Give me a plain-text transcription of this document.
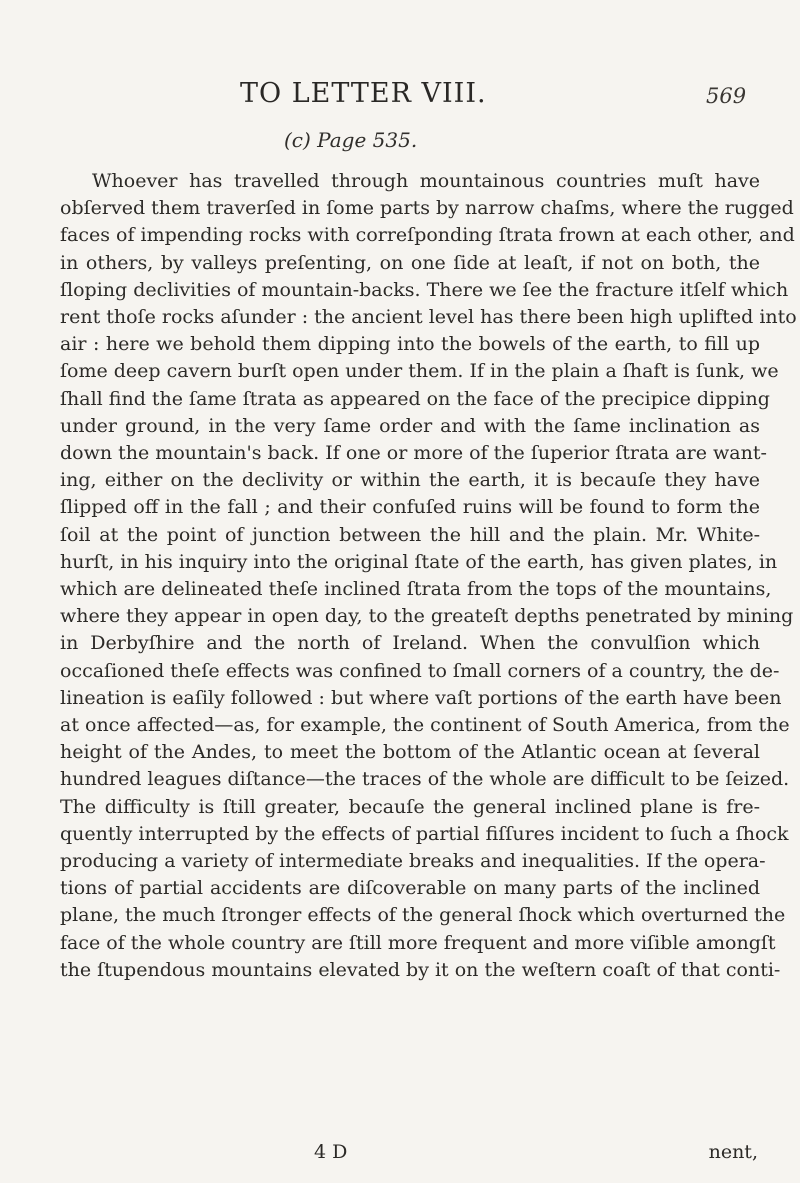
TO LETTER VIII.	569
(c) Page 535.
Whoever has travelled through mountainous countries muſt have
obſerved them traverſed in ſome parts by narrow chaſms, where the rugged
faces of impending rocks with correſponding ſtrata frown at each other, and
in others, by valleys preſenting, on one ſide at leaſt, if not on both, the
ſloping declivities of mountain-backs. There we ſee the fracture itſelf which
rent thoſe rocks aſunder : the ancient level has there been high uplifted into
air : here we behold them dipping into the bowels of the earth, to fill up
ſome deep cavern burſt open under them. If in the plain a ſhaft is ſunk, we
ſhall find the ſame ſtrata as appeared on the face of the precipice dipping
under ground, in the very ſame order and with the ſame inclination as
down the mountain's back. If one or more of the ſuperior ſtrata are want-
ing, either on the declivity or within the earth, it is becauſe they have
ſlipped off in the fall ; and their confuſed ruins will be found to form the
ſoil at the point of junction between the hill and the plain. Mr. White-
hurſt, in his inquiry into the original ſtate of the earth, has given plates, in
which are delineated theſe inclined ſtrata from the tops of the mountains,
where they appear in open day, to the greateſt depths penetrated by mining
in Derbyſhire and the north of Ireland. When the convulſion which
occaſioned theſe effects was confined to ſmall corners of a country, the de-
lineation is eaſily followed : but where vaſt portions of the earth have been
at once affected—as, for example, the continent of South America, from the
height of the Andes, to meet the bottom of the Atlantic ocean at ſeveral
hundred leagues diſtance—the traces of the whole are difficult to be ſeized.
The difficulty is ſtill greater, becauſe the general inclined plane is fre-
quently interrupted by the effects of partial fiſſures incident to ſuch a ſhock
producing a variety of intermediate breaks and inequalities. If the opera-
tions of partial accidents are diſcoverable on many parts of the inclined
plane, the much ſtronger effects of the general ſhock which overturned the
face of the whole country are ſtill more frequent and more viſible amongſt
the ſtupendous mountains elevated by it on the weſtern coaſt of that conti-
4 D	nent,
